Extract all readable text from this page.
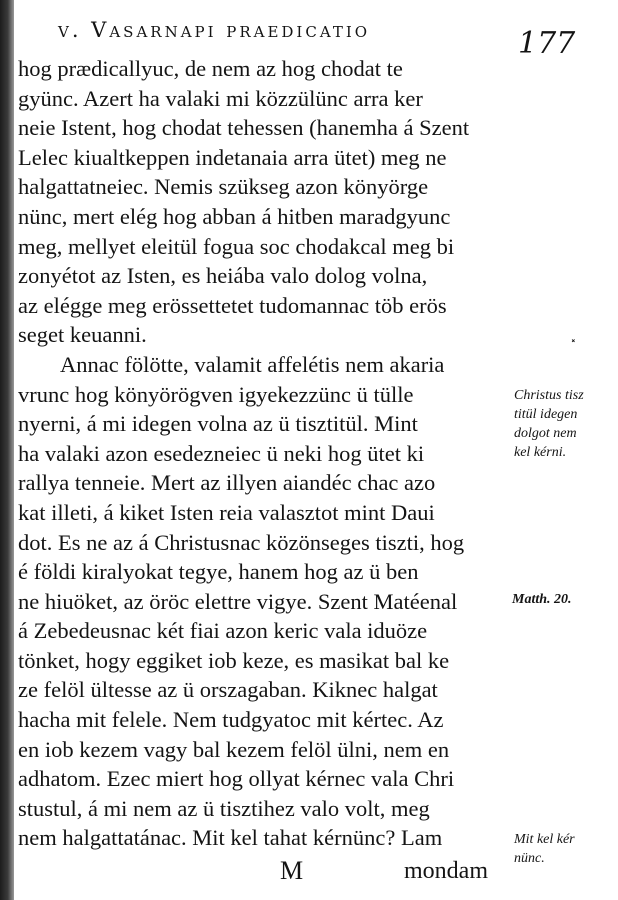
v. Vasarnapi praedicatio	177
hog prædicallyuc, de nem az hog chodat te
gyünc. Azert ha valaki mi közzülünc arra ker
neie Istent, hog chodat tehessen (hanemha á Szent
Lelec kiualtkeppen indetanaia arra ütet) meg ne
halgattatneiec. Nemis szükseg azon könyörge
nünc, mert elég hog abban á hitben maradgyunc
meg, mellyet eleitül fogua soc chodakcal meg bi
zonyétot az Isten, es heiába valo dolog volna,
az elégge meg erössettetet tudomannac töb erös
seget keuanni.
Annac fölötte, valamit affelétis nem akaria
vrunc hog könyörögven igyekezzünc ü tülle
nyerni, á mi idegen volna az ü tisztitül. Mint
ha valaki azon esedezneiec ü neki hog ütet ki
rallya tenneie. Mert az illyen aiandéc chac azo
kat illeti, á kiket Isten reia valasztot mint Daui
dot. Es ne az á Christusnac közönseges tiszti, hog
é földi kiralyokat tegye, hanem hog az ü ben
ne hiuöket, az öröc elettre vigye. Szent Matéenal
á Zebedeusnac két fiai azon keric vala iduöze
tönket, hogy eggiket iob keze, es masikat bal ke
ze felöl ültesse az ü orszagaban. Kiknec halgat
hacha mit felele. Nem tudgyatoc mit kértec. Az
en iob kezem vagy bal kezem felöl ülni, nem en
adhatom. Ezec miert hog ollyat kérnec vala Chri
stustul, á mi nem az ü tisztihez valo volt, meg
nem halgattatánac. Mit kel tahat kérnünc? Lam
Christus tisz
titül idegen
dolgot nem
kel kérni.
Matth. 20.
Mit kel kér
nünc.
M	mondam
⸼
